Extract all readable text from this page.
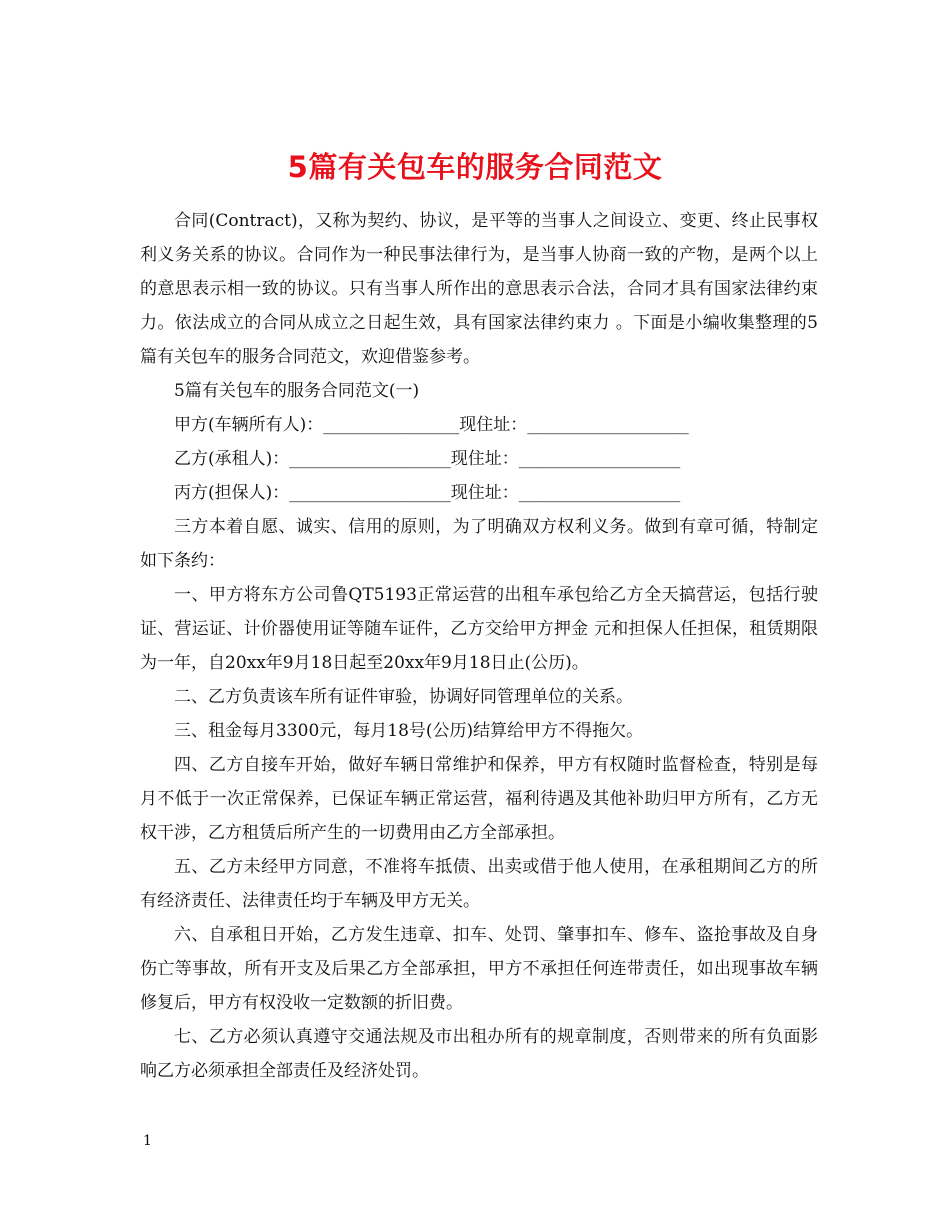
5篇有关包车的服务合同范文

合同(Contract)，又称为契约、协议，是平等的当事人之间设立、变更、终止民事权利义务关系的协议。合同作为一种民事法律行为，是当事人协商一致的产物，是两个以上的意思表示相一致的协议。只有当事人所作出的意思表示合法，合同才具有国家法律约束力。依法成立的合同从成立之日起生效，具有国家法律约束力 。下面是小编收集整理的5篇有关包车的服务合同范文，欢迎借鉴参考。

5篇有关包车的服务合同范文(一)

甲方(车辆所有人)：________________现住址：___________________

乙方(承租人)：___________________现住址：___________________

丙方(担保人)：___________________现住址：___________________

三方本着自愿、诚实、信用的原则，为了明确双方权利义务。做到有章可循，特制定如下条约：

一、甲方将东方公司鲁QT5193正常运营的出租车承包给乙方全天搞营运，包括行驶证、营运证、计价器使用证等随车证件，乙方交给甲方押金 元和担保人任担保，租赁期限为一年，自20xx年9月18日起至20xx年9月18日止(公历)。

二、乙方负责该车所有证件审验，协调好同管理单位的关系。

三、租金每月3300元，每月18号(公历)结算给甲方不得拖欠。

四、乙方自接车开始，做好车辆日常维护和保养，甲方有权随时监督检查，特别是每月不低于一次正常保养，已保证车辆正常运营，福利待遇及其他补助归甲方所有，乙方无权干涉，乙方租赁后所产生的一切费用由乙方全部承担。

五、乙方未经甲方同意，不准将车抵债、出卖或借于他人使用，在承租期间乙方的所有经济责任、法律责任均于车辆及甲方无关。

六、自承租日开始，乙方发生违章、扣车、处罚、肇事扣车、修车、盗抢事故及自身伤亡等事故，所有开支及后果乙方全部承担，甲方不承担任何连带责任，如出现事故车辆修复后，甲方有权没收一定数额的折旧费。

七、乙方必须认真遵守交通法规及市出租办所有的规章制度，否则带来的所有负面影响乙方必须承担全部责任及经济处罚。

1
